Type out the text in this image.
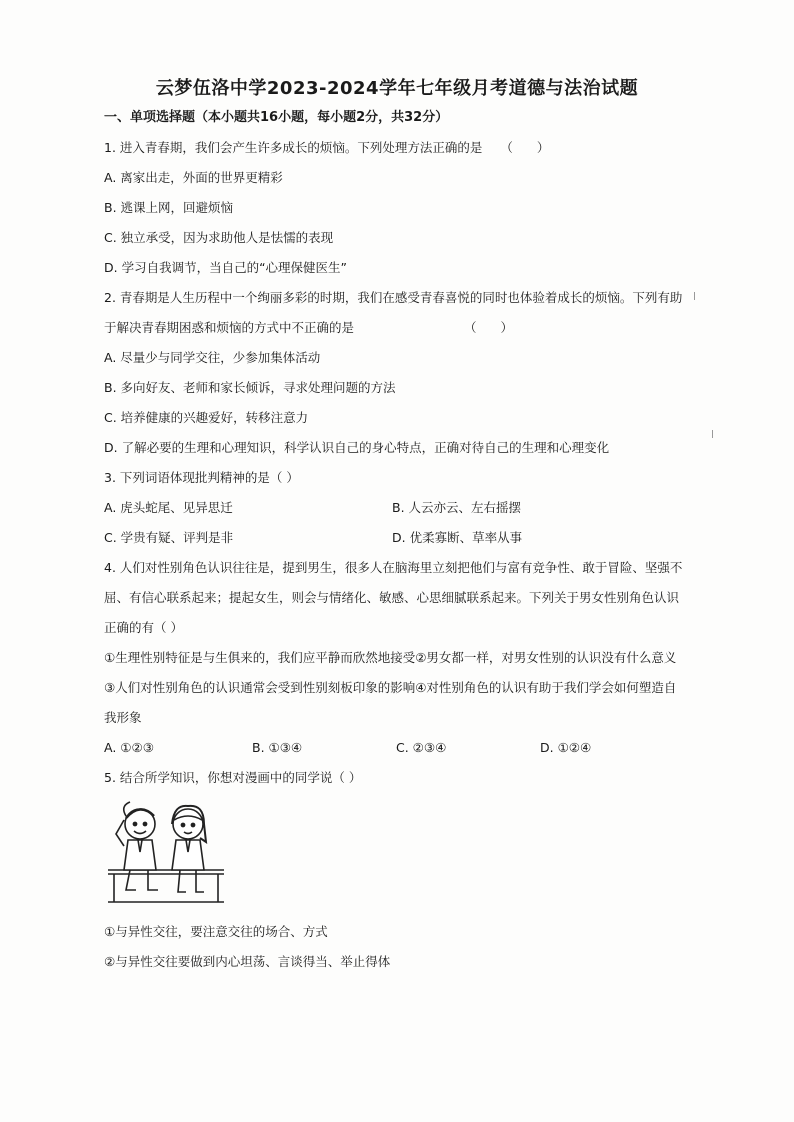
云梦伍洛中学2023-2024学年七年级月考道德与法治试题
一、单项选择题（本小题共16小题，每小题2分，共32分）
1. 进入青春期，我们会产生许多成长的烦恼。下列处理方法正确的是 （ ）
A. 离家出走，外面的世界更精彩
B. 逃课上网，回避烦恼
C. 独立承受，因为求助他人是怯懦的表现
D. 学习自我调节，当自己的“心理保健医生”
2. 青春期是人生历程中一个绚丽多彩的时期，我们在感受青春喜悦的同时也体验着成长的烦恼。下列有助
于解决青春期困惑和烦恼的方式中不正确的是	（ ）
A. 尽量少与同学交往，少参加集体活动
B. 多向好友、老师和家长倾诉，寻求处理问题的方法
C. 培养健康的兴趣爱好，转移注意力
D. 了解必要的生理和心理知识，科学认识自己的身心特点，正确对待自己的生理和心理变化
3. 下列词语体现批判精神的是（ ）
A. 虎头蛇尾、见异思迁	B. 人云亦云、左右摇摆
C. 学贵有疑、评判是非	D. 优柔寡断、草率从事
4. 人们对性别角色认识往往是，提到男生，很多人在脑海里立刻把他们与富有竞争性、敢于冒险、坚强不
屈、有信心联系起来；提起女生，则会与情绪化、敏感、心思细腻联系起来。下列关于男女性别角色认识
正确的有（ ）
①生理性别特征是与生俱来的，我们应平静而欣然地接受②男女都一样，对男女性别的认识没有什么意义
③人们对性别角色的认识通常会受到性别刻板印象的影响④对性别角色的认识有助于我们学会如何塑造自
我形象
A. ①②③	B. ①③④	C. ②③④	D. ①②④
5. 结合所学知识，你想对漫画中的同学说（ ）
①与异性交往，要注意交往的场合、方式
②与异性交往要做到内心坦荡、言谈得当、举止得体
